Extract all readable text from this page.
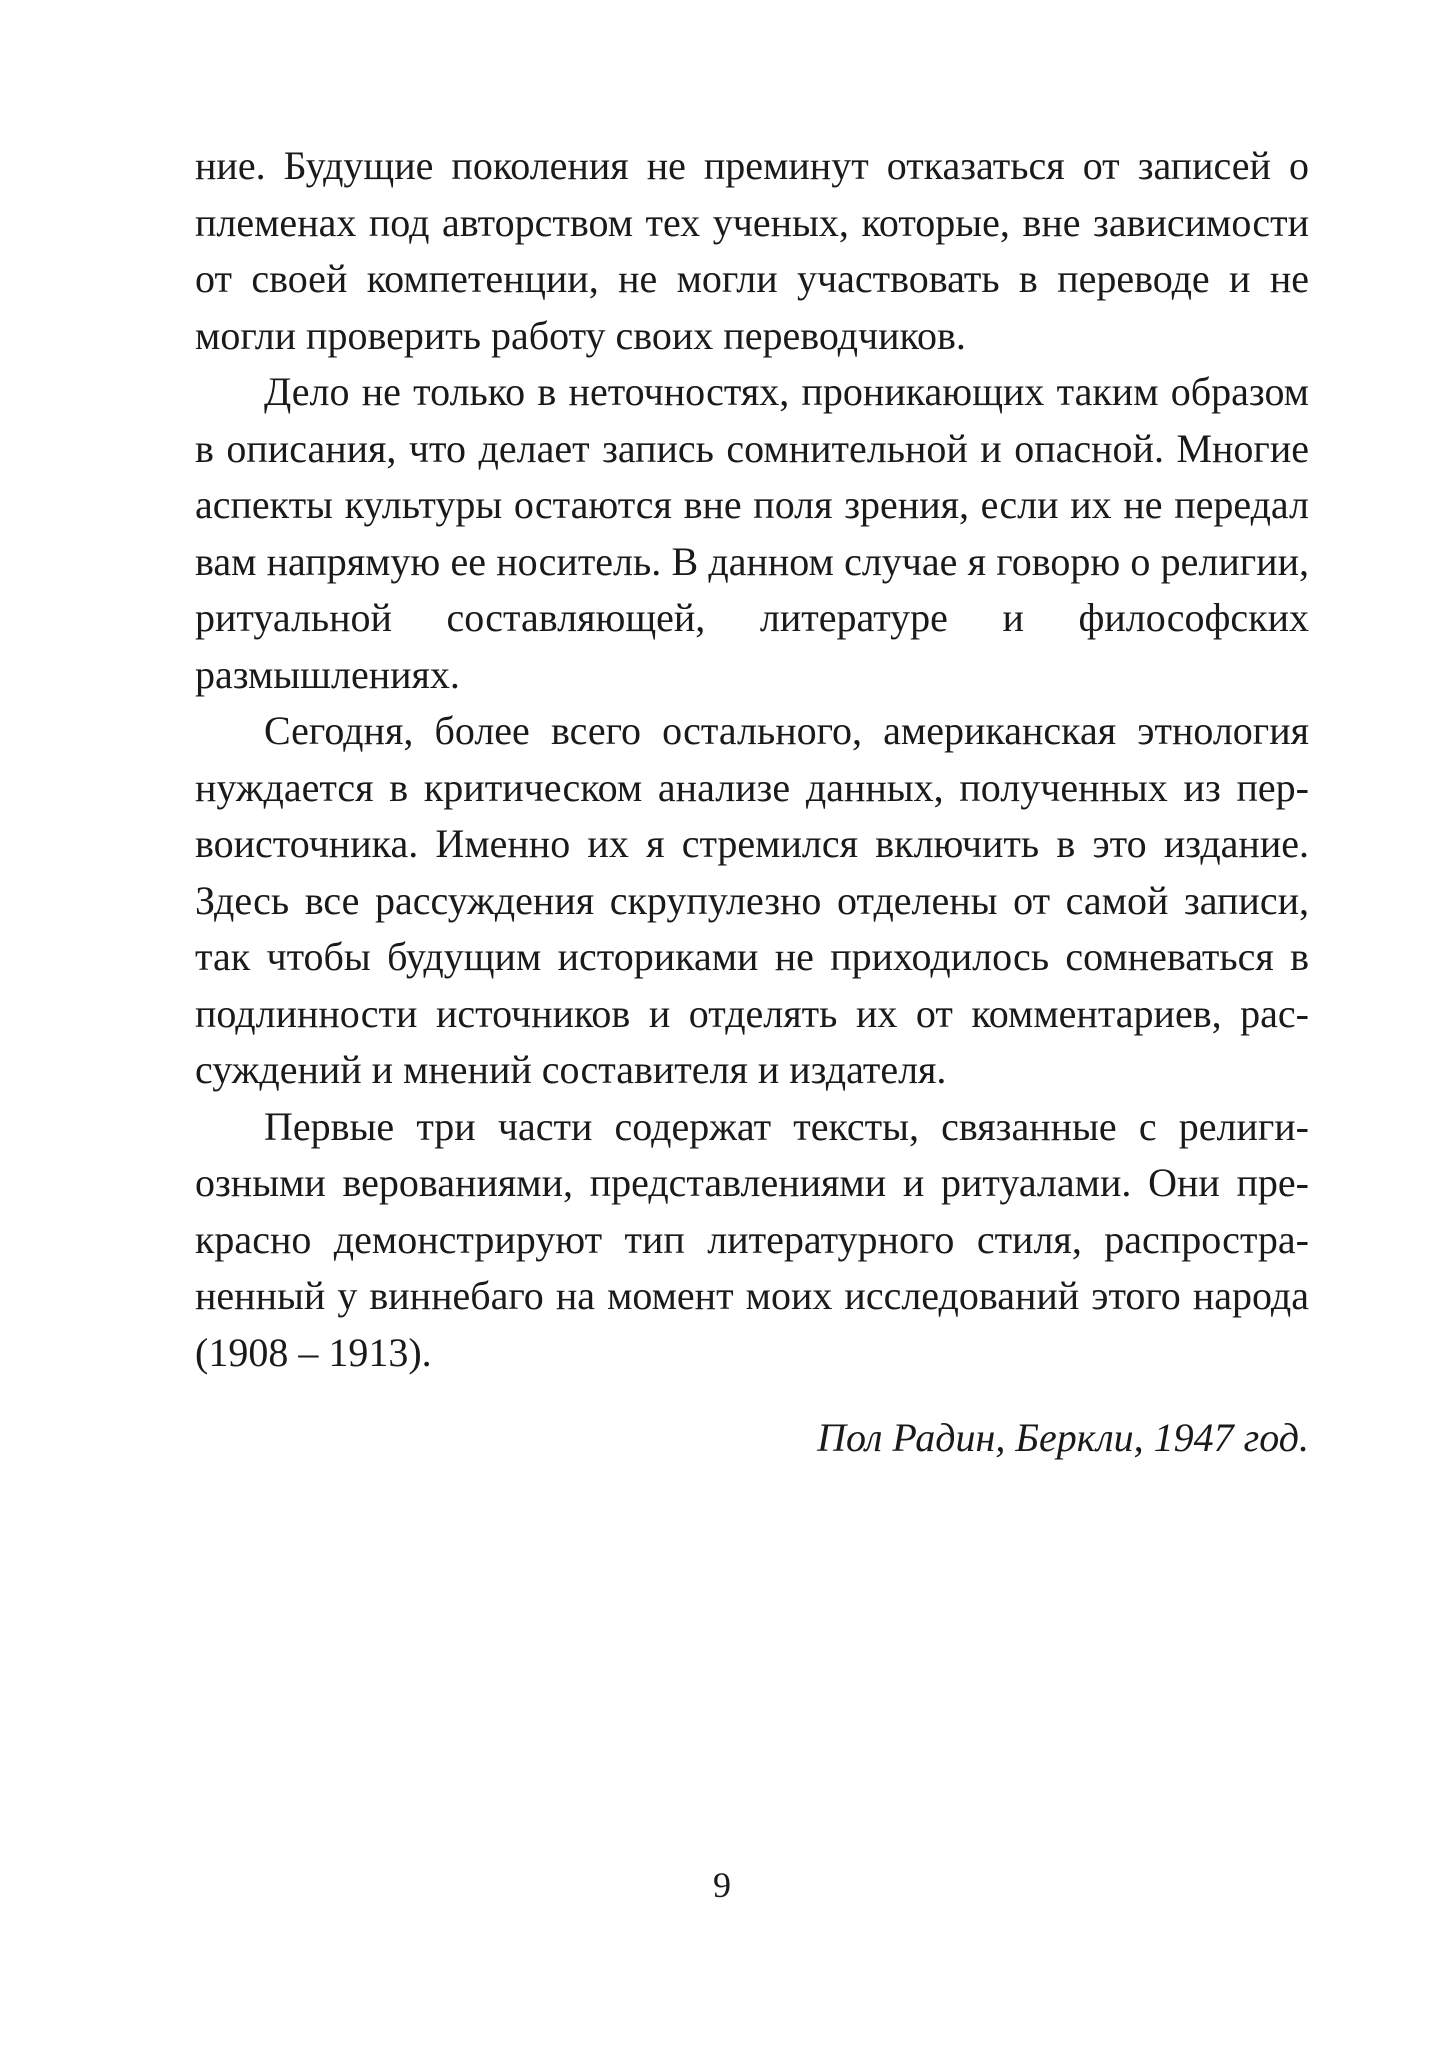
ние. Будущие поколения не преминут отказаться от записей о племенах под авторством тех ученых, которые, вне зависимости от своей компетенции, не могли участвовать в переводе и не могли проверить работу своих переводчиков.

Дело не только в неточностях, проникающих таким образом в описания, что делает запись сомнительной и опасной. Многие аспекты культуры остаются вне поля зрения, если их не передал вам напрямую ее носитель. В данном случае я говорю о религии, ритуальной составляющей, литературе и философских размышлениях.

Сегодня, более всего остального, американская этнология нуждается в критическом анализе данных, полученных из первоисточника. Именно их я стремился включить в это издание. Здесь все рассуждения скрупулезно отделены от самой записи, так чтобы будущим историками не приходилось сомневаться в подлинности источников и отделять их от комментариев, рассуждений и мнений составителя и издателя.

Первые три части содержат тексты, связанные с религиозными верованиями, представлениями и ритуалами. Они прекрасно демонстрируют тип литературного стиля, распространенный у виннебаго на момент моих исследований этого народа (1908 – 1913).

Пол Радин, Беркли, 1947 год.
9
